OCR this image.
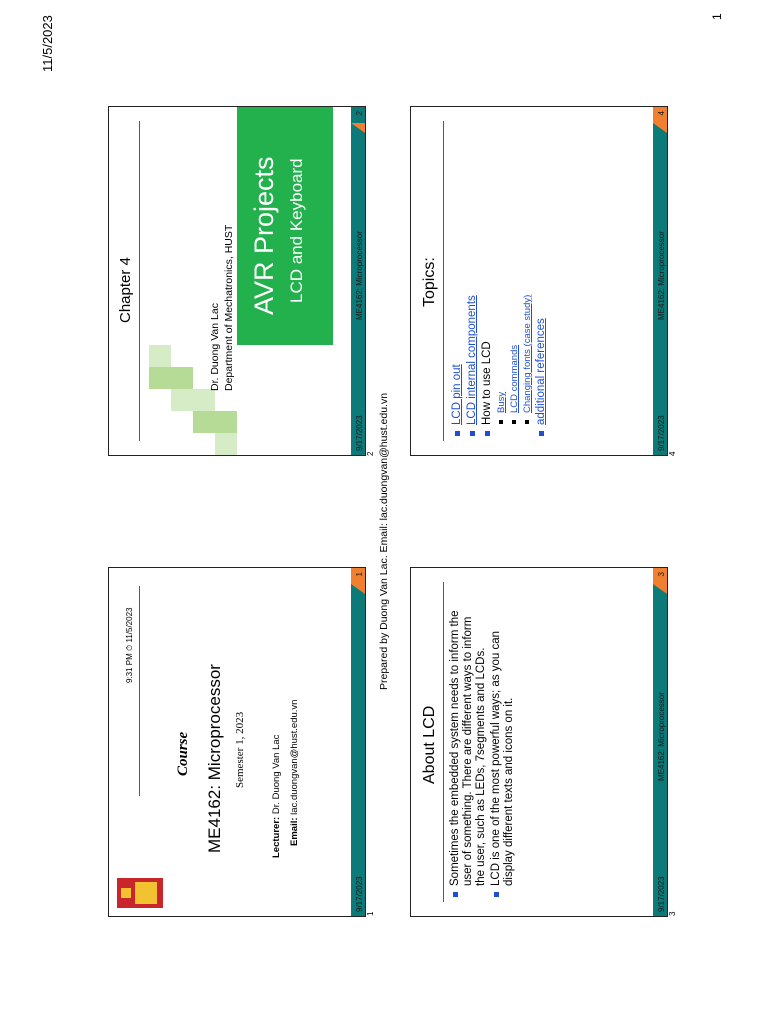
11/5/2023	1
Prepared by Duong Van Lac. Email: lac.duongvan@hust.edu.vn
1
2
3
4
9:31 PM ⏱ 11/5/2023
Course ME4162: Microprocessor Semester 1, 2023
Lecturer: Dr. Duong Van Lac
Email: lac.duongvan@hust.edu.vn
9/17/2023
1
Chapter 4	AVR Projects LCD and Keyboard
Dr. Duong Van Lac Department of Mechatronics, HUST
9/17/2023
ME4162: Microprocessor
2
About LCD Sometimes the embedded system needs to inform the user of something. There are different ways to inform the user, such as LEDs, 7segments and LCDs. LCD is one of the most powerful ways; as you can display different texts and icons on it.
9/17/2023
ME4162: Microprocessor
3
Topics:
LCD pin out LCD internal components How to use LCD Busy LCD commands Changing fonts (case study) additional references
9/17/2023
ME4162: Microprocessor
4
